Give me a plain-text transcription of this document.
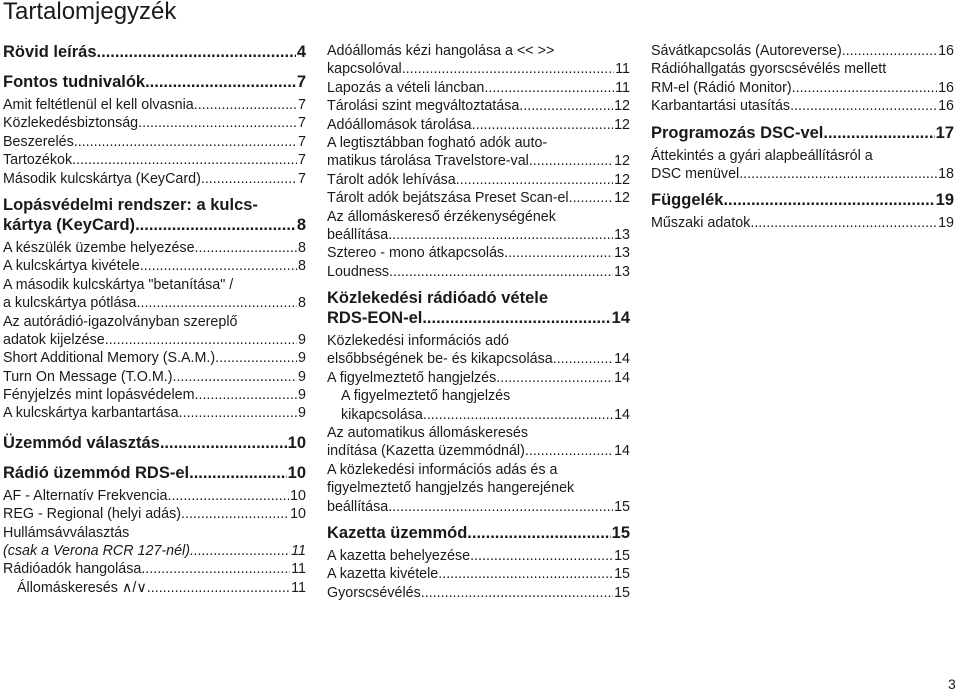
Tartalomjegyzék
Rövid leírás .....	4
Fontos tudnivalók .....	7
Amit feltétlenül el kell olvasnia .....	7
Közlekedésbiztonság .....	7
Beszerelés .....	7
Tartozékok .....	7
Második kulcskártya (KeyCard) .....	7
Lopásvédelmi rendszer: a kulcs-
kártya (KeyCard) .....	8
A készülék üzembe helyezése .....	8
A kulcskártya kivétele .....	8
A második kulcskártya "betanítása" /
a kulcskártya pótlása .....	8
Az autórádió-igazolványban szereplő
adatok kijelzése .....	9
Short Additional Memory (S.A.M.) .....	9
Turn On Message (T.O.M.) .....	9
Fényjelzés mint lopásvédelem .....	9
A kulcskártya karbantartása .....	9
Üzemmód választás .....	10
Rádió üzemmód RDS-el .....	10
AF - Alternatív Frekvencia .....	10
REG - Regional (helyi adás) .....	10
Hullámsávválasztás
(csak a Verona RCR 127-nél) .....	11
Rádióadók hangolása .....	11
Állomáskeresés ∧/∨ .....	11
Adóállomás kézi hangolása a << >>
kapcsolóval .....	11
Lapozás a vételi láncban .....	11
Tárolási szint megváltoztatása .....	12
Adóállomások tárolása .....	12
A legtisztábban fogható adók auto-
matikus tárolása Travelstore-val .....	12
Tárolt adók lehívása .....	12
Tárolt adók bejátszása Preset Scan-el .....	12
Az állomáskereső érzékenységének
beállítása .....	13
Sztereo - mono átkapcsolás .....	13
Loudness .....	13
Közlekedési rádióadó vétele
RDS-EON-el .....	14
Közlekedési információs adó
elsőbbségének be- és kikapcsolása .....	14
A figyelmeztető hangjelzés .....	14
A figyelmeztető hangjelzés
kikapcsolása .....	14
Az automatikus állomáskeresés
indítása (Kazetta üzemmódnál) .....	14
A közlekedési információs adás és a
figyelmeztető hangjelzés hangerejének
beállítása .....	15
Kazetta üzemmód .....	15
A kazetta behelyezése .....	15
A kazetta kivétele .....	15
Gyorscsévélés .....	15
Sávátkapcsolás (Autoreverse) .....	16
Rádióhallgatás gyorscsévélés mellett
RM-el (Rádió Monitor) .....	16
Karbantartási utasítás .....	16
Programozás DSC-vel .....	17
Áttekintés a gyári alapbeállításról a
DSC menüvel .....	18
Függelék .....	19
Műszaki adatok .....	19
3
